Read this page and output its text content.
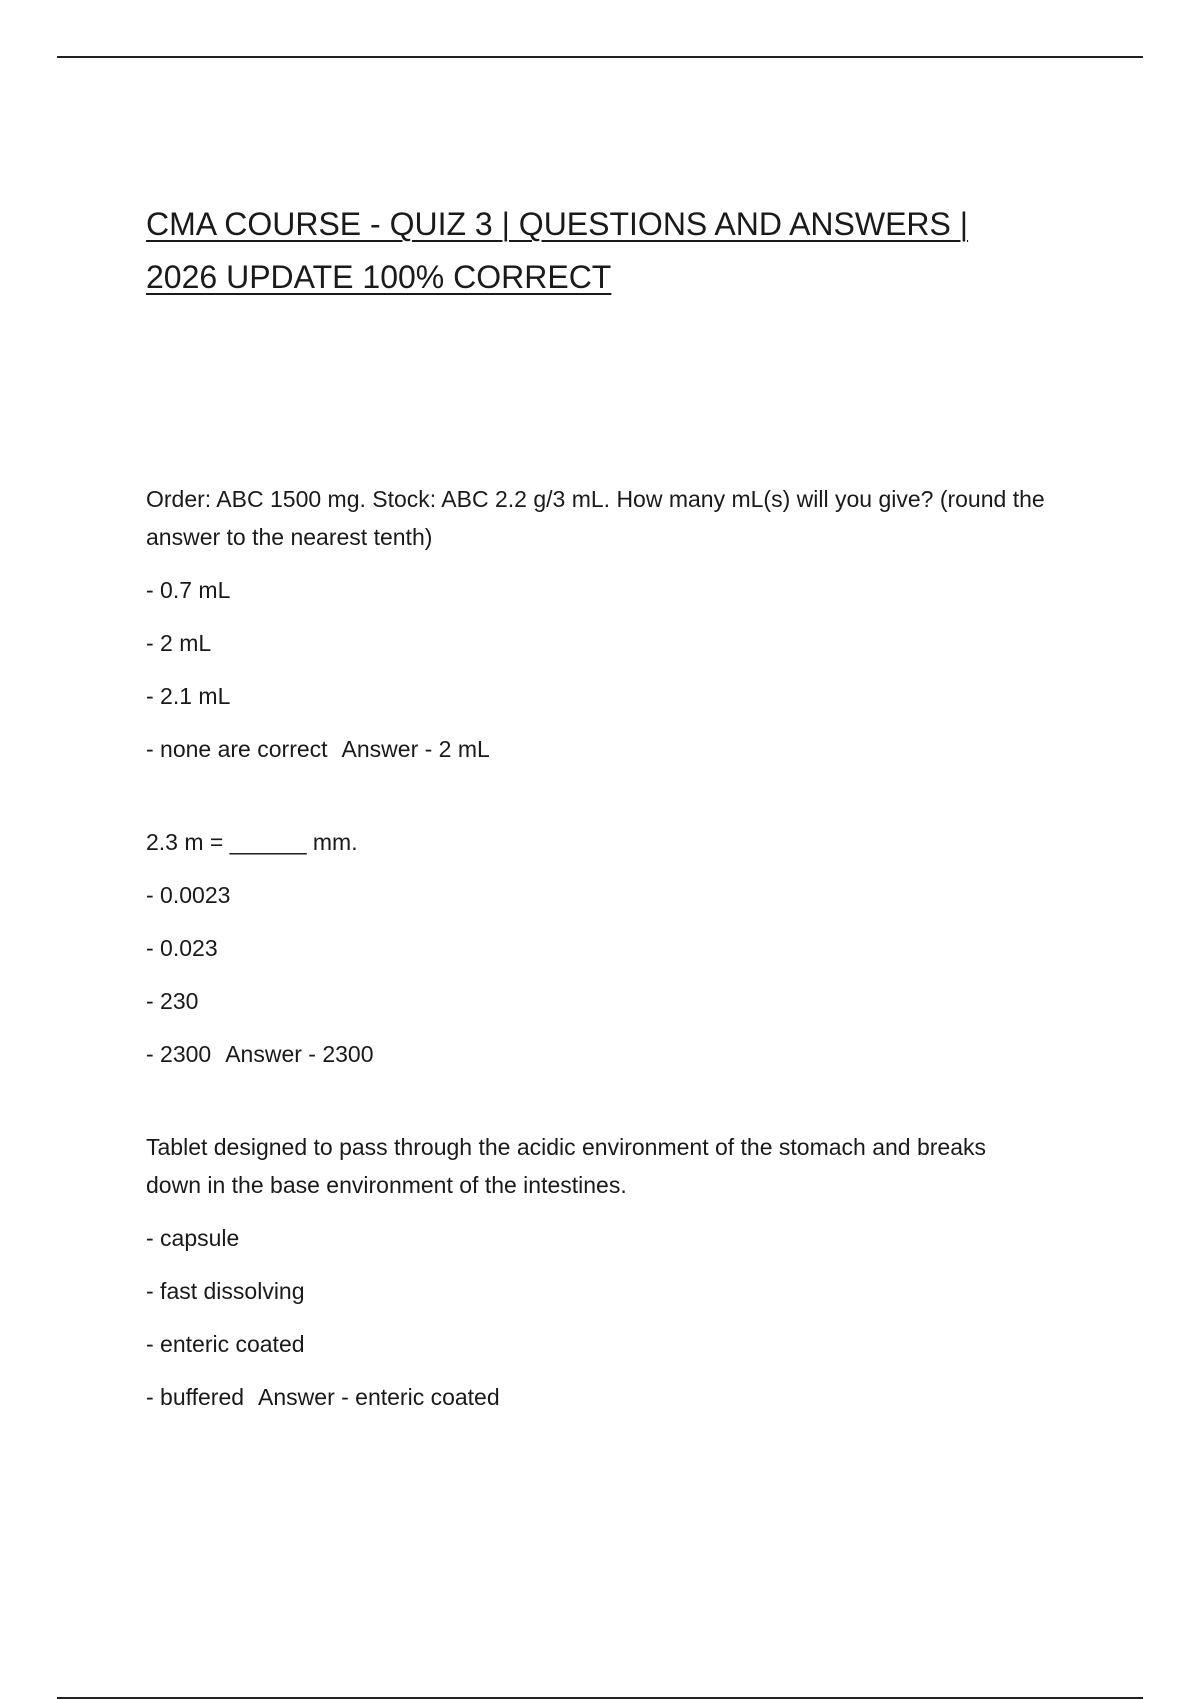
CMA COURSE - QUIZ 3 | QUESTIONS AND ANSWERS | 2026 UPDATE 100% CORRECT

Order: ABC 1500 mg. Stock: ABC 2.2 g/3 mL. How many mL(s) will you give? (round the answer to the nearest tenth)

- 0.7 mL
- 2 mL
- 2.1 mL
- none are correct Answer - 2 mL

2.3 m = ______ mm.

- 0.0023
- 0.023
- 230
- 2300 Answer - 2300

Tablet designed to pass through the acidic environment of the stomach and breaks down in the base environment of the intestines.

- capsule
- fast dissolving
- enteric coated
- buffered Answer - enteric coated
